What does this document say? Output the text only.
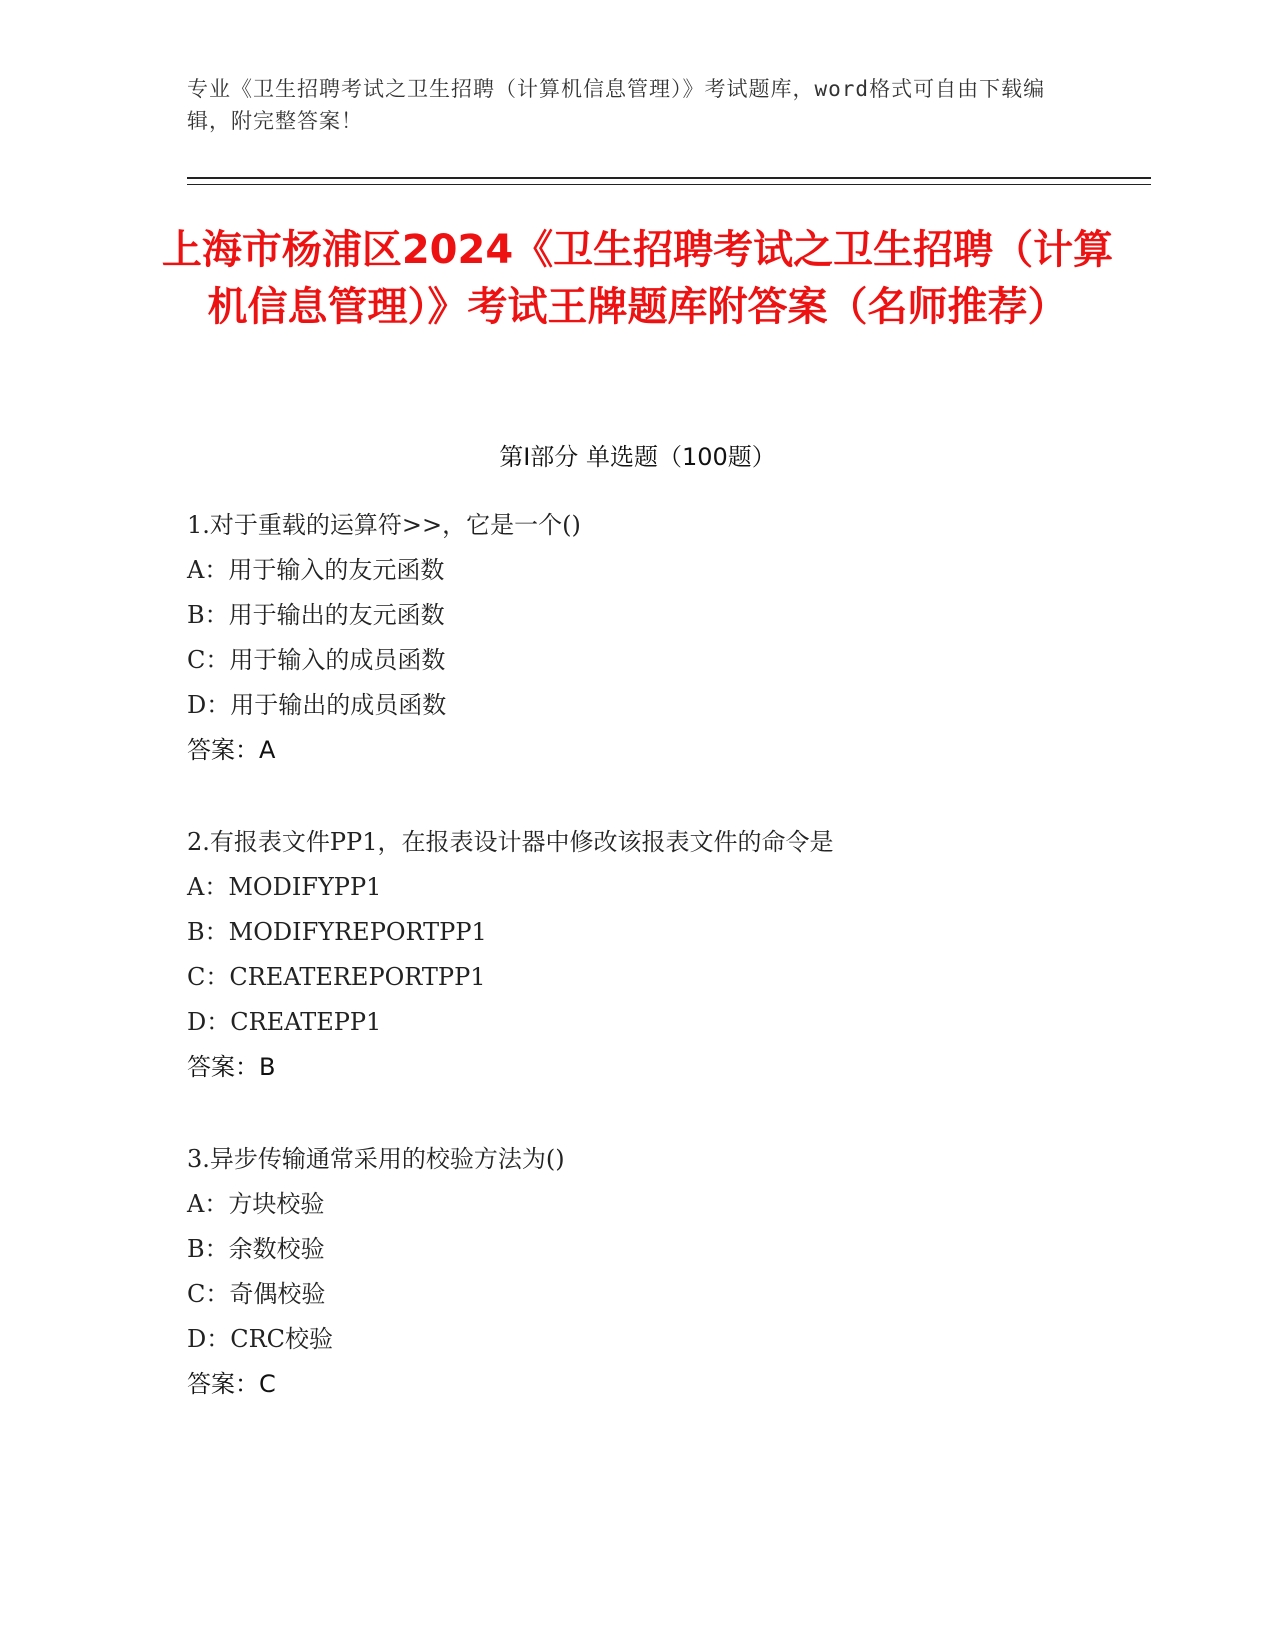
专业《卫生招聘考试之卫生招聘（计算机信息管理）》考试题库，word格式可自由下载编辑，附完整答案！
上海市杨浦区2024《卫生招聘考试之卫生招聘（计算机信息管理）》考试王牌题库附答案（名师推荐）
第I部分 单选题（100题）
1.对于重载的运算符>>，它是一个()
A：用于输入的友元函数
B：用于输出的友元函数
C：用于输入的成员函数
D：用于输出的成员函数
答案：A
2.有报表文件PP1，在报表设计器中修改该报表文件的命令是
A：MODIFYPP1
B：MODIFYREPORTPP1
C：CREATEREPORTPP1
D：CREATEPP1
答案：B
3.异步传输通常采用的校验方法为()
A：方块校验
B：余数校验
C：奇偶校验
D：CRC校验
答案：C
